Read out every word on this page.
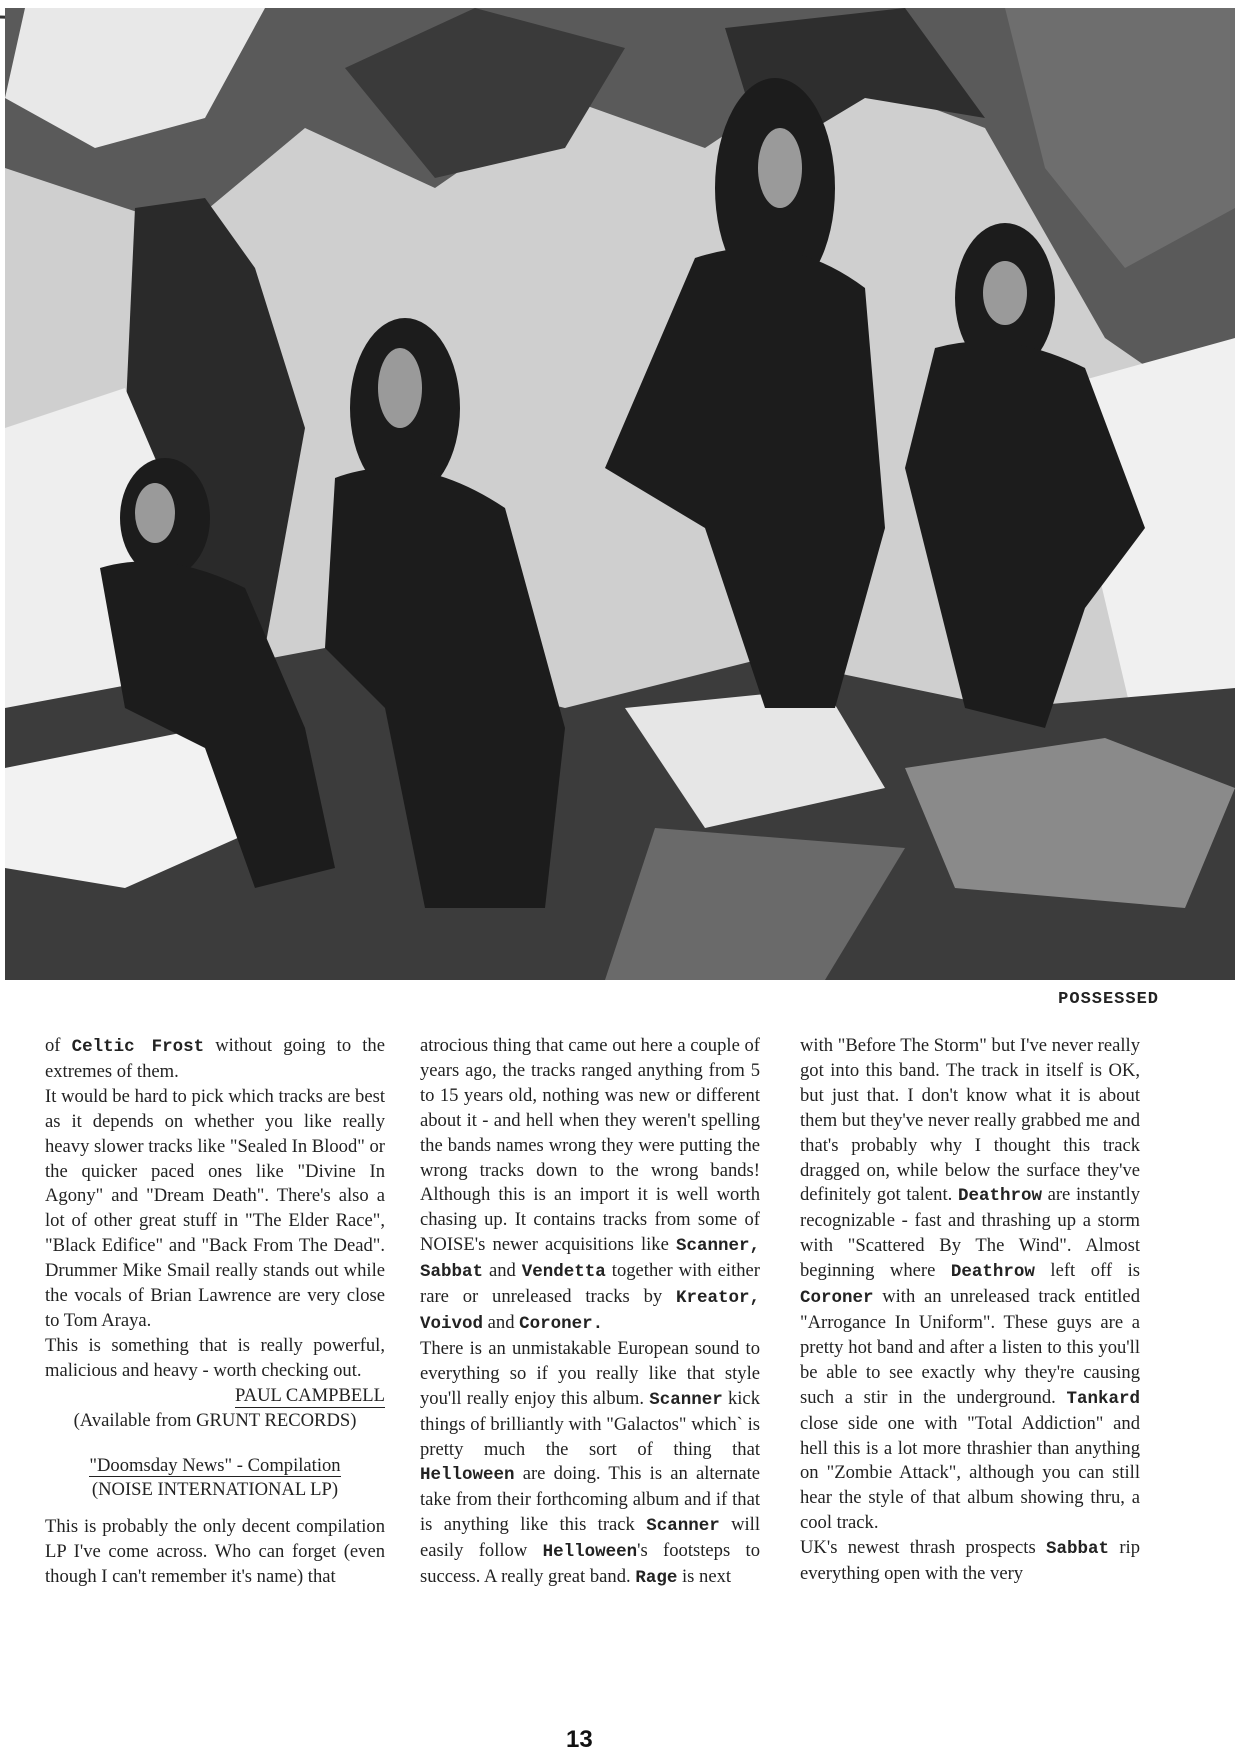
POSSESSED

of Celtic Frost without going to the extremes of them.

It would be hard to pick which tracks are best as it depends on whether you like really heavy slower tracks like "Sealed In Blood" or the quicker paced ones like "Divine In Agony" and "Dream Death". There's also a lot of other great stuff in "The Elder Race", "Black Edifice" and "Back From The Dead". Drummer Mike Smail really stands out while the vocals of Brian Lawrence are very close to Tom Araya.

This is something that is really powerful, malicious and heavy - worth checking out.

PAUL CAMPBELL

(Available from GRUNT RECORDS)

"Doomsday News" - Compilation

(NOISE INTERNATIONAL LP)

This is probably the only decent compilation LP I've come across. Who can forget (even though I can't remember it's name) that

atrocious thing that came out here a couple of years ago, the tracks ranged anything from 5 to 15 years old, nothing was new or different about it - and hell when they weren't spelling the bands names wrong they were putting the wrong tracks down to the wrong bands! Although this is an import it is well worth chasing up. It contains tracks from some of NOISE's newer acquisitions like Scanner, Sabbat and Vendetta together with either rare or unreleased tracks by Kreator, Voivod and Coroner.

There is an unmistakable European sound to everything so if you really like that style you'll really enjoy this album. Scanner kick things of brilliantly with "Galactos" which` is pretty much the sort of thing that Helloween are doing. This is an alternate take from their forthcoming album and if that is anything like this track Scanner will easily follow Helloween's footsteps to success. A really great band. Rage is next

with "Before The Storm" but I've never really got into this band. The track in itself is OK, but just that. I don't know what it is about them but they've never really grabbed me and that's probably why I thought this track dragged on, while below the surface they've definitely got talent. Deathrow are instantly recognizable - fast and thrashing up a storm with "Scattered By The Wind". Almost beginning where Deathrow left off is Coroner with an unreleased track entitled "Arrogance In Uniform". These guys are a pretty hot band and after a listen to this you'll be able to see exactly why they're causing such a stir in the underground. Tankard close side one with "Total Addiction" and hell this is a lot more thrashier than anything on "Zombie Attack", although you can still hear the style of that album showing thru, a cool track.

UK's newest thrash prospects Sabbat rip everything open with the very

13
